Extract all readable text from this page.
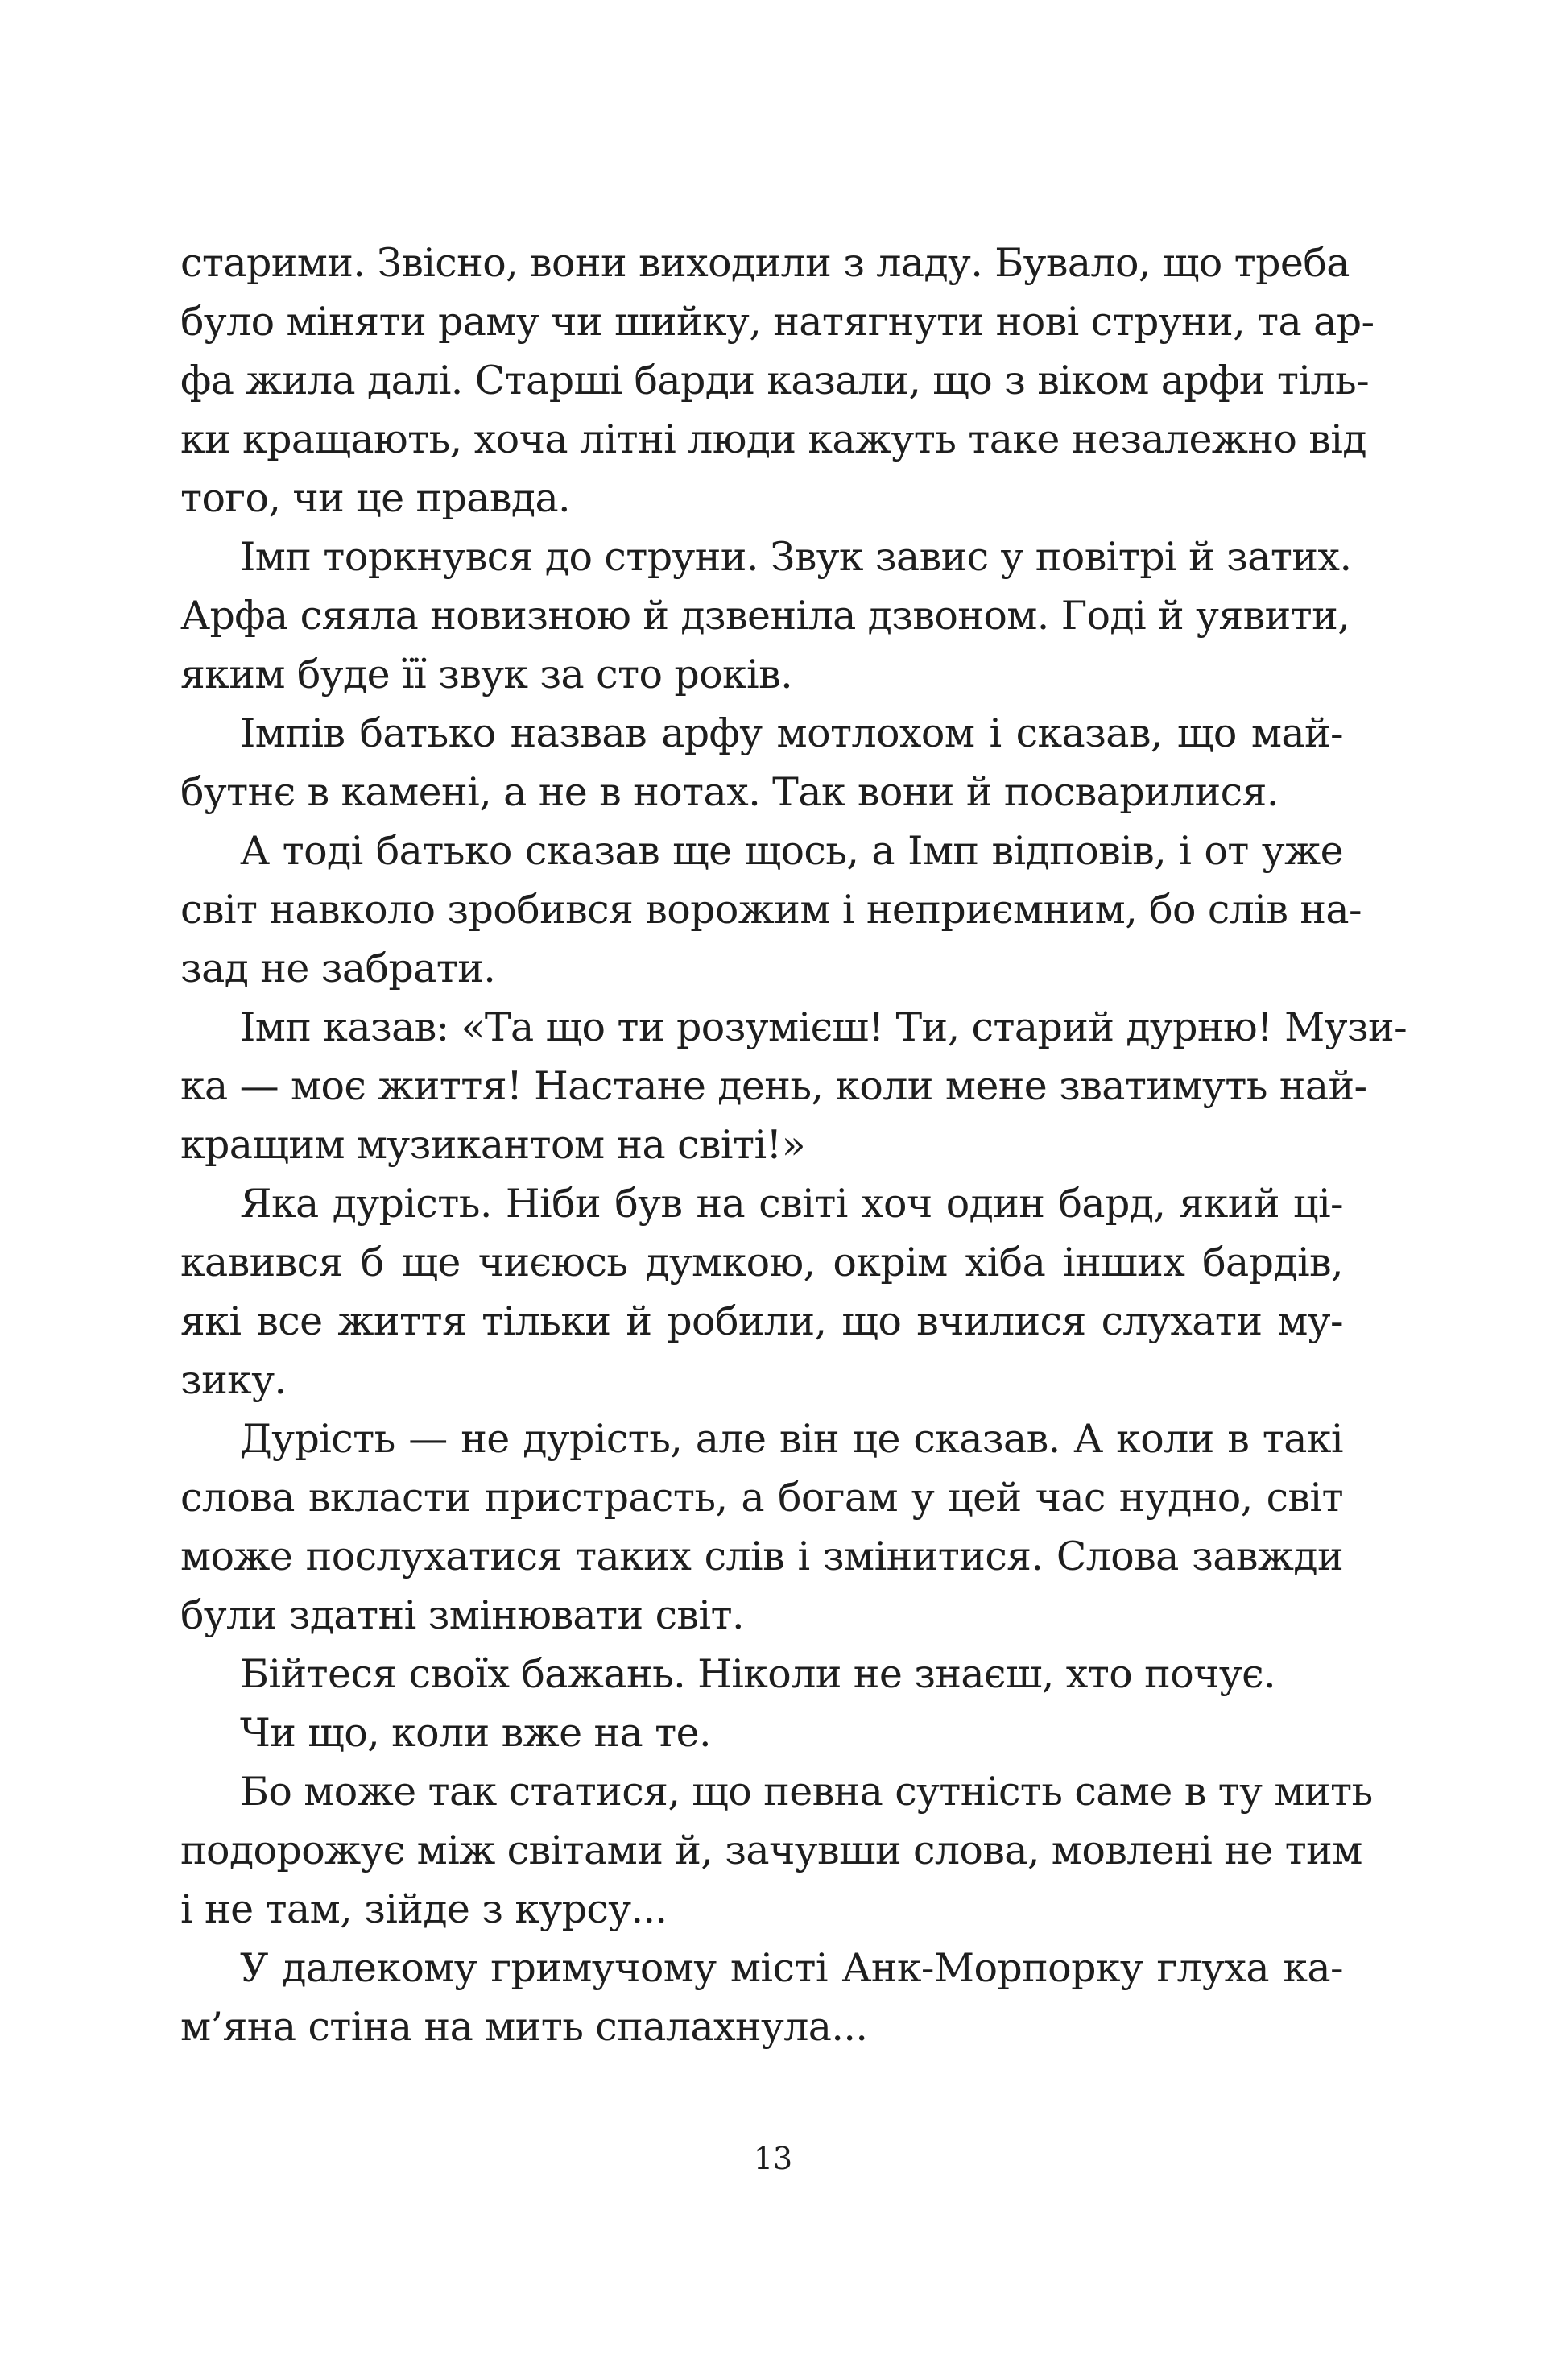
старими. Звісно, вони виходили з ладу. Бувало, що треба
було міняти раму чи шийку, натягнути нові струни, та ар-
фа жила далі. Старші барди казали, що з віком арфи тіль-
ки кращають, хоча літні люди кажуть таке незалежно від
того, чи це правда.
Імп торкнувся до струни. Звук завис у повітрі й затих.
Арфа сяяла новизною й дзвеніла дзвоном. Годі й уявити,
яким буде її звук за сто років.
Імпів батько назвав арфу мотлохом і сказав, що май-
бутнє в камені, а не в нотах. Так вони й посварилися.
А тоді батько сказав ще щось, а Імп відповів, і от уже
світ навколо зробився ворожим і неприємним, бо слів на-
зад не забрати.
Імп казав: «Та що ти розумієш! Ти, старий дурню! Музи-
ка — моє життя! Настане день, коли мене зватимуть най-
кращим музикантом на світі!»
Яка дурість. Ніби був на світі хоч один бард, який ці-
кавився б ще чиєюсь думкою, окрім хіба інших бардів,
які все життя тільки й робили, що вчилися слухати му-
зику.
Дурість — не дурість, але він це сказав. А коли в такі
слова вкласти пристрасть, а богам у цей час нудно, світ
може послухатися таких слів і змінитися. Слова завжди
були здатні змінювати світ.
Бійтеся своїх бажань. Ніколи не знаєш, хто почує.
Чи що, коли вже на те.
Бо може так статися, що певна сутність саме в ту мить
подорожує між світами й, зачувши слова, мовлені не тим
і не там, зійде з курсу...
У далекому гримучому місті Анк-Морпорку глуха ка-
м’яна стіна на мить спалахнула...
13
